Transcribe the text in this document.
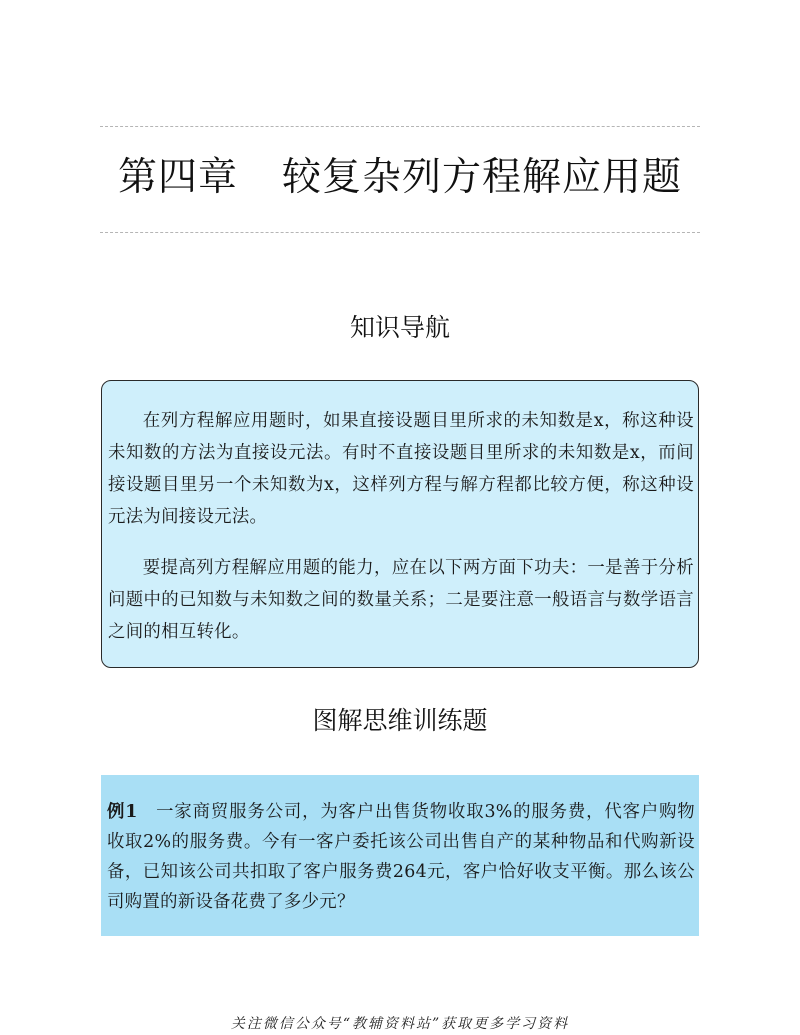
第四章 较复杂列方程解应用题
知识导航

在列方程解应用题时，如果直接设题目里所求的未知数是x，称这种设未知数的方法为直接设元法。有时不直接设题目里所求的未知数是x，而间接设题目里另一个未知数为x，这样列方程与解方程都比较方便，称这种设元法为间接设元法。

要提高列方程解应用题的能力，应在以下两方面下功夫：一是善于分析问题中的已知数与未知数之间的数量关系；二是要注意一般语言与数学语言之间的相互转化。

图解思维训练题

例1 一家商贸服务公司，为客户出售货物收取3%的服务费，代客户购物收取2%的服务费。今有一客户委托该公司出售自产的某种物品和代购新设备，已知该公司共扣取了客户服务费264元，客户恰好收支平衡。那么该公司购置的新设备花费了多少元？

关注微信公众号“教辅资料站”获取更多学习资料
